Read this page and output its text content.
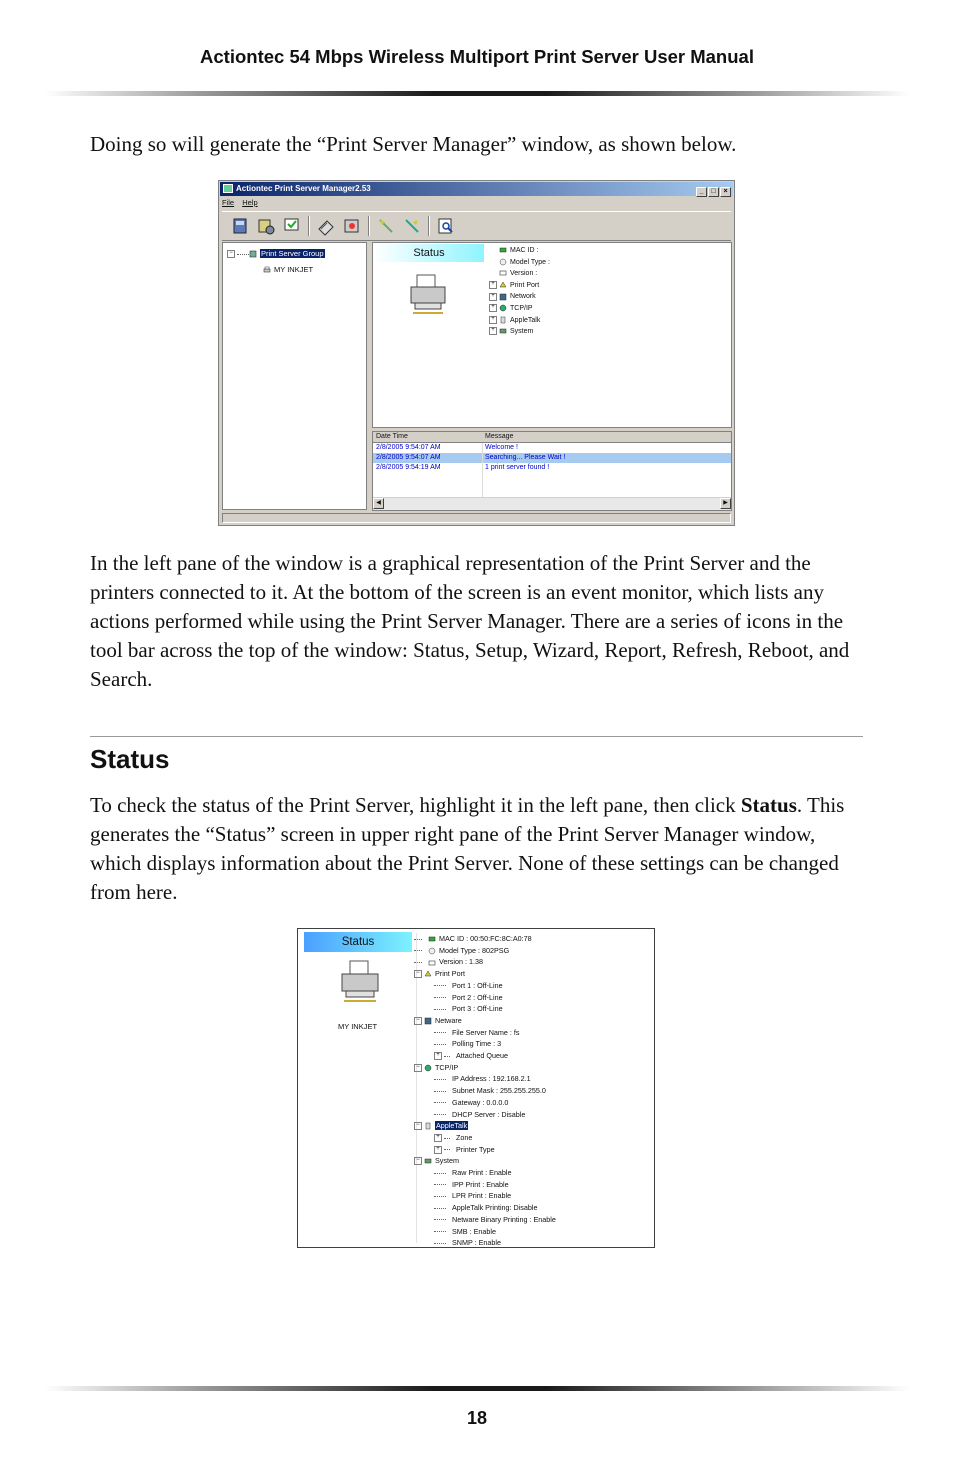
Actiontec 54 Mbps Wireless Multiport Print Server User Manual

Doing so will generate the “Print Server Manager” window, as shown below.

Actiontec Print Server Manager2.53	_ □ ×
File Help
−	Print Server Group
MY INKJET
Status	MAC ID :
Model Type :
Version :
+ Print Port
+ Network
+ TCP/IP
+ AppleTalk
+ System
Date Time	Message
2/8/2005 9:54:07 AM	Welcome !
2/8/2005 9:54:07 AM	Searching... Please Wait !
2/8/2005 9:54:19 AM	1 print server found !
◀	▶

In the left pane of the window is a graphical representation of the Print Server and the printers connected to it. At the bottom of the screen is an event monitor, which lists any actions performed while using the Print Server Manager. There are a series of icons in the tool bar across the top of the window: Status, Setup, Wizard, Report, Refresh, Reboot, and Search.

Status

To check the status of the Print Server, highlight it in the left pane, then click Status. This generates the “Status” screen in upper right pane of the Print Server Manager window, which displays information about the Print Server. None of these settings can be changed from here.

Status
MY INKJET
MAC ID : 00:50:FC:8C:A0:78
Model Type : 802PSG
Version : 1.38
− Print Port
Port 1 : Off-Line
Port 2 : Off-Line
Port 3 : Off-Line
− Netware
File Server Name : fs
Polling Time : 3
+ Attached Queue
− TCP/IP
IP Address : 192.168.2.1
Subnet Mask : 255.255.255.0
Gateway : 0.0.0.0
DHCP Server : Disable
− AppleTalk
+ Zone
+ Printer Type
− System
Raw Print : Enable
IPP Print : Enable
LPR Print : Enable
AppleTalk Printing: Disable
Netware Binary Printing : Enable
SMB : Enable
SNMP : Enable
18
